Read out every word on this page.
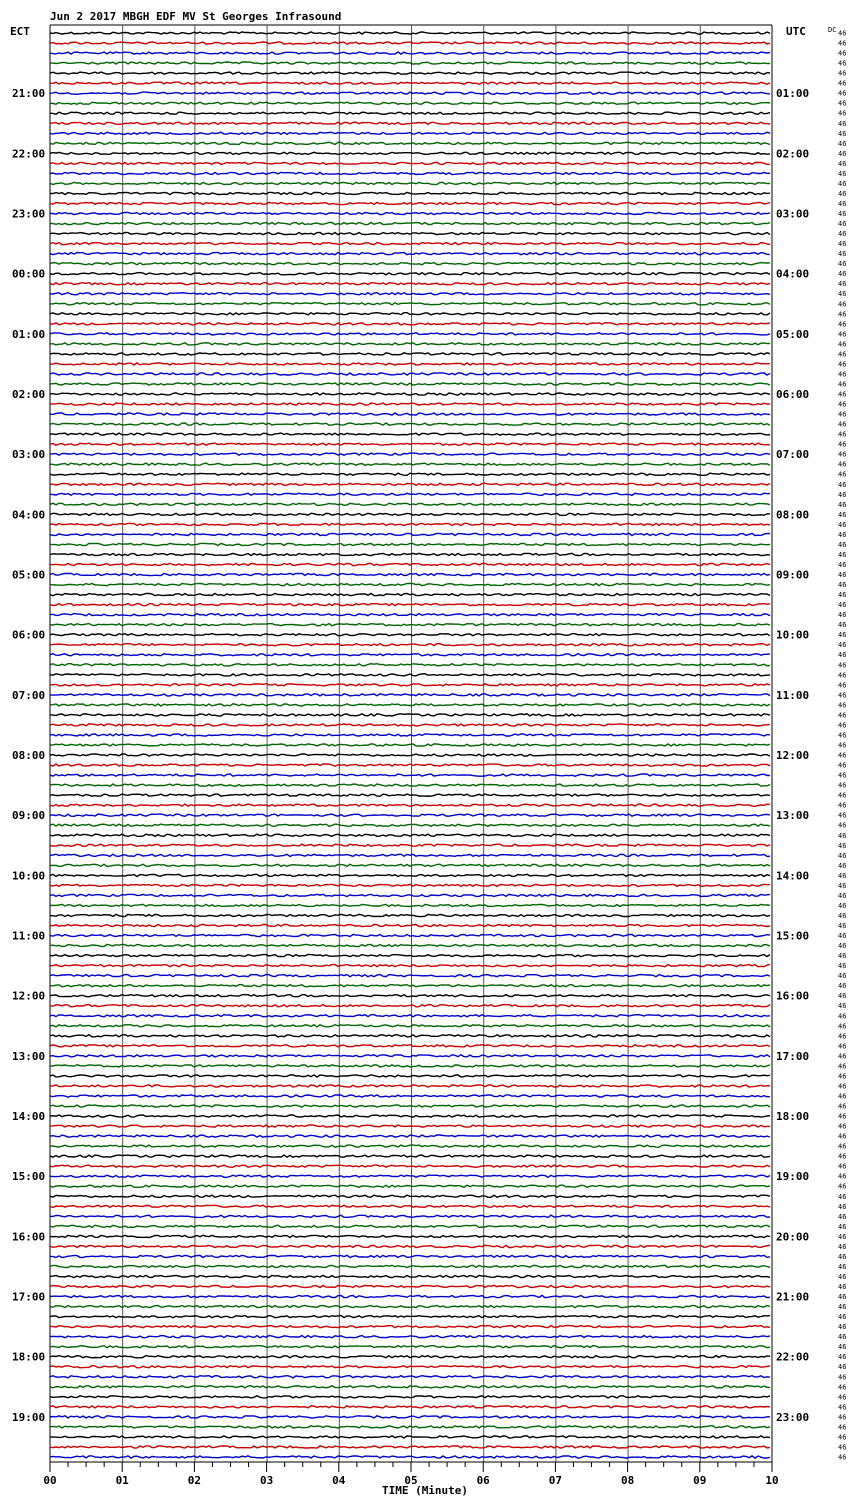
Jun 2 2017 MBGH EDF MV St Georges Infrasound
ECT	UTC	DC
21:00	01:00
22:00	02:00
23:00	03:00
00:00	04:00
01:00	05:00
02:00	06:00
03:00	07:00
04:00	08:00
05:00	09:00
06:00	10:00
07:00	11:00
08:00	12:00
09:00	13:00
10:00	14:00
11:00	15:00
12:00	16:00
13:00	17:00
14:00	18:00
15:00	19:00
16:00	20:00
17:00	21:00
18:00	22:00
19:00	23:00
46
46
46
46
46
46
46
46
46
46
46
46
46
46
46
46
46
46
46
46
46
46
46
46
46
46
46
46
46
46
46
46
46
46
46
46
46
46
46
46
46
46
46
46
46
46
46
46
46
46
46
46
46
46
46
46
46
46
46
46
46
46
46
46
46
46
46
46
46
46
46
46
46
46
46
46
46
46
46
46
46
46
46
46
46
46
46
46
46
46
46
46
46
46
46
46
46
46
46
46
46
46
46
46
46
46
46
46
46
46
46
46
46
46
46
46
46
46
46
46
46
46
46
46
46
46
46
46
46
46
46
46
46
46
46
46
46
46
46
46
46
46
46
00	01	02	03	04	05	06	07	08	09	10
TIME (Minute)
